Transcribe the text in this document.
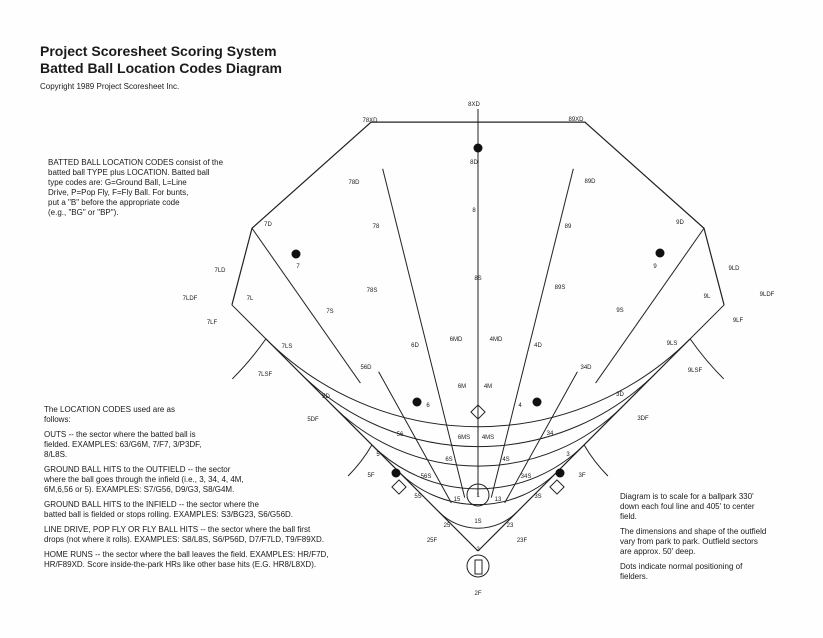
Project Scoresheet Scoring System
Batted Ball Location Codes Diagram
Copyright 1989 Project Scoresheet Inc.
78XD
8XD
89XD
7LD
7D
78D
8D
89D
9D
9LD
7L
7
78
8
89
9
9L
7LS
7S
78S
8S
89S
9S
9LS
7LDF
7LF
7LSF
9LDF
9LF
9LSF
5D
56D
6D
6MD	4MD
4D
34D
3D
5
56
6
6M	4M
4
34
3
6MS 4MS
5S
56S
6S	4S
34S
3S
15	13
5DF
5F
3DF
3F
1
25
1S
23
25F	23F
2
2F
BATTED BALL LOCATION CODES consist of the
batted ball TYPE plus LOCATION. Batted ball
type codes are: G=Ground Ball, L=Line
Drive, P=Pop Fly, F=Fly Ball. For bunts,
put a "B" before the appropriate code
(e.g., "BG" or "BP").

The LOCATION CODES used are as
follows:

OUTS -- the sector where the batted ball is
fielded. EXAMPLES: 63/G6M, 7/F7, 3/P3DF,
8/L8S.

GROUND BALL HITS to the OUTFIELD -- the sector
where the ball goes through the infield (i.e., 3, 34, 4, 4M,
6M,6,56 or 5). EXAMPLES: S7/G56, D9/G3, S8/G4M.

GROUND BALL HITS to the INFIELD -- the sector where the
batted ball is fielded or stops rolling. EXAMPLES: S3/BG23, S6/G56D.

LINE DRIVE, POP FLY OR FLY BALL HITS -- the sector where the ball first
drops (not where it rolls). EXAMPLES: S8/L8S, S6/P56D, D7/F7LD, T9/F89XD.

HOME RUNS -- the sector where the ball leaves the field. EXAMPLES: HR/F7D,
HR/F89XD. Score inside-the-park HRs like other base hits (E.G. HR8/L8XD).

Diagram is to scale for a ballpark 330'
down each foul line and 405' to center
field.

The dimensions and shape of the outfield
vary from park to park. Outfield sectors
are approx. 50' deep.

Dots indicate normal positioning of
fielders.
